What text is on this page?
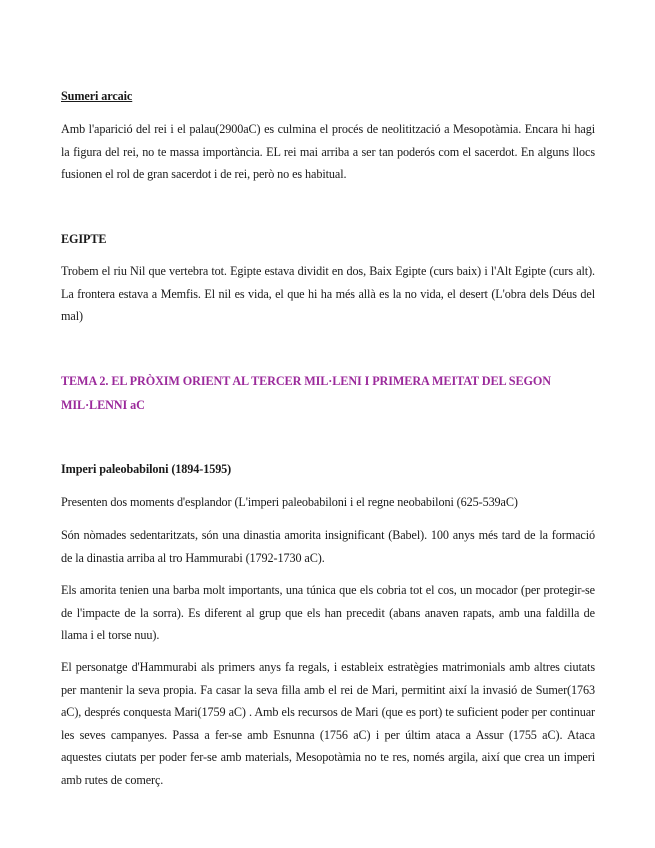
Sumeri arcaic
Amb l'aparició del rei i el palau(2900aC) es culmina el procés de neolitització a Mesopotàmia. Encara hi hagi la figura del rei, no te massa importància. EL rei mai arriba a ser tan poderós com el sacerdot. En alguns llocs fusionen el rol de gran sacerdot i de rei, però no es habitual.
EGIPTE
Trobem el riu Nil que vertebra tot. Egipte estava dividit en dos, Baix Egipte (curs baix) i l'Alt Egipte (curs alt). La frontera estava a Memfis. El nil es vida, el que hi ha més allà es la no vida, el desert (L'obra dels Déus del mal)
TEMA 2. EL PRÒXIM ORIENT AL TERCER MIL·LENI I PRIMERA MEITAT DEL SEGON MIL·LENNI aC
Imperi paleobabiloni (1894-1595)
Presenten dos moments d'esplandor (L'imperi paleobabiloni i el regne neobabiloni (625-539aC)
Són nòmades sedentaritzats, són una dinastia amorita insignificant (Babel). 100 anys més tard de la formació de la dinastia arriba al tro Hammurabi (1792-1730 aC).
Els amorita tenien una barba molt importants, una túnica que els cobria tot el cos, un mocador (per protegir-se de l'impacte de la sorra). Es diferent al grup que els han precedit (abans anaven rapats, amb una faldilla de llama i el torse nuu).
El personatge d'Hammurabi als primers anys fa regals, i estableix estratègies matrimonials amb altres ciutats per mantenir la seva propia. Fa casar la seva filla amb el rei de Mari, permitint així la invasió de Sumer(1763 aC), després conquesta Mari(1759 aC) . Amb els recursos de Mari (que es port) te suficient poder per continuar les seves campanyes. Passa a fer-se amb Esnunna (1756 aC) i per últim ataca a Assur (1755 aC). Ataca aquestes ciutats per poder fer-se amb materials, Mesopotàmia no te res, només argila, així que crea un imperi amb rutes de comerç.
